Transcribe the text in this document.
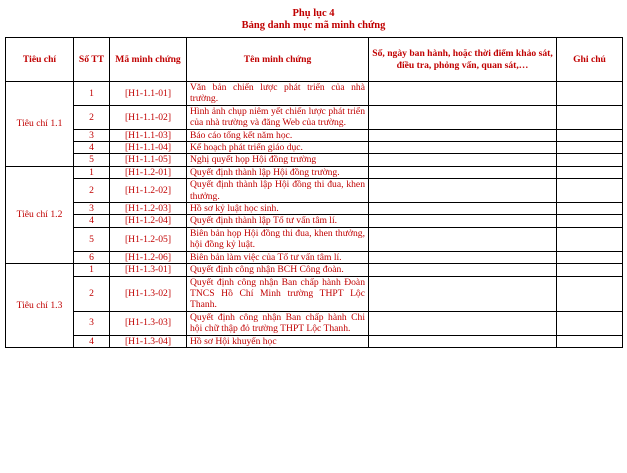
Phụ lục 4
Bảng danh mục mã minh chứng
Tiêu chí	Số TT	Mã minh chứng	Tên minh chứng	Số, ngày ban hành, hoặc thời điểm khảo sát, điều tra, phỏng vấn, quan sát,…	Ghi chú
Tiêu chí 1.1	1	[H1-1.1-01]	Văn bản chiến lược phát triển của nhà trường.		
	2	[H1-1.1-02]	Hình ảnh chụp niêm yết chiến lược phát triển của nhà trường và đăng Web của trường.		
	3	[H1-1.1-03]	Báo cáo tổng kết năm học.		
	4	[H1-1.1-04]	Kế hoạch phát triển giáo dục.		
	5	[H1-1.1-05]	Nghị quyết họp Hội đồng trường		
Tiêu chí 1.2	1	[H1-1.2-01]	Quyết định thành lập Hội đồng trường.		
	2	[H1-1.2-02]	Quyết định thành lập Hội đồng thi đua, khen thưởng.		
	3	[H1-1.2-03]	Hồ sơ kỷ luật học sinh.		
	4	[H1-1.2-04]	Quyết định thành lập Tổ tư vấn tâm lí.		
	5	[H1-1.2-05]	Biên bản họp Hội đồng thi đua, khen thưởng, hội đồng kỷ luật.		
	6	[H1-1.2-06]	Biên bản làm việc của Tổ tư vấn tâm lí.		
Tiêu chí 1.3	1	[H1-1.3-01]	Quyết định công nhận BCH Công đoàn.		
	2	[H1-1.3-02]	Quyết định công nhận Ban chấp hành Đoàn TNCS Hồ Chí Minh trường THPT Lộc Thanh.		
	3	[H1-1.3-03]	Quyết định công nhận Ban chấp hành Chi hội chữ thập đỏ trường THPT Lộc Thanh.		
	4	[H1-1.3-04]	Hồ sơ Hội khuyến học		
